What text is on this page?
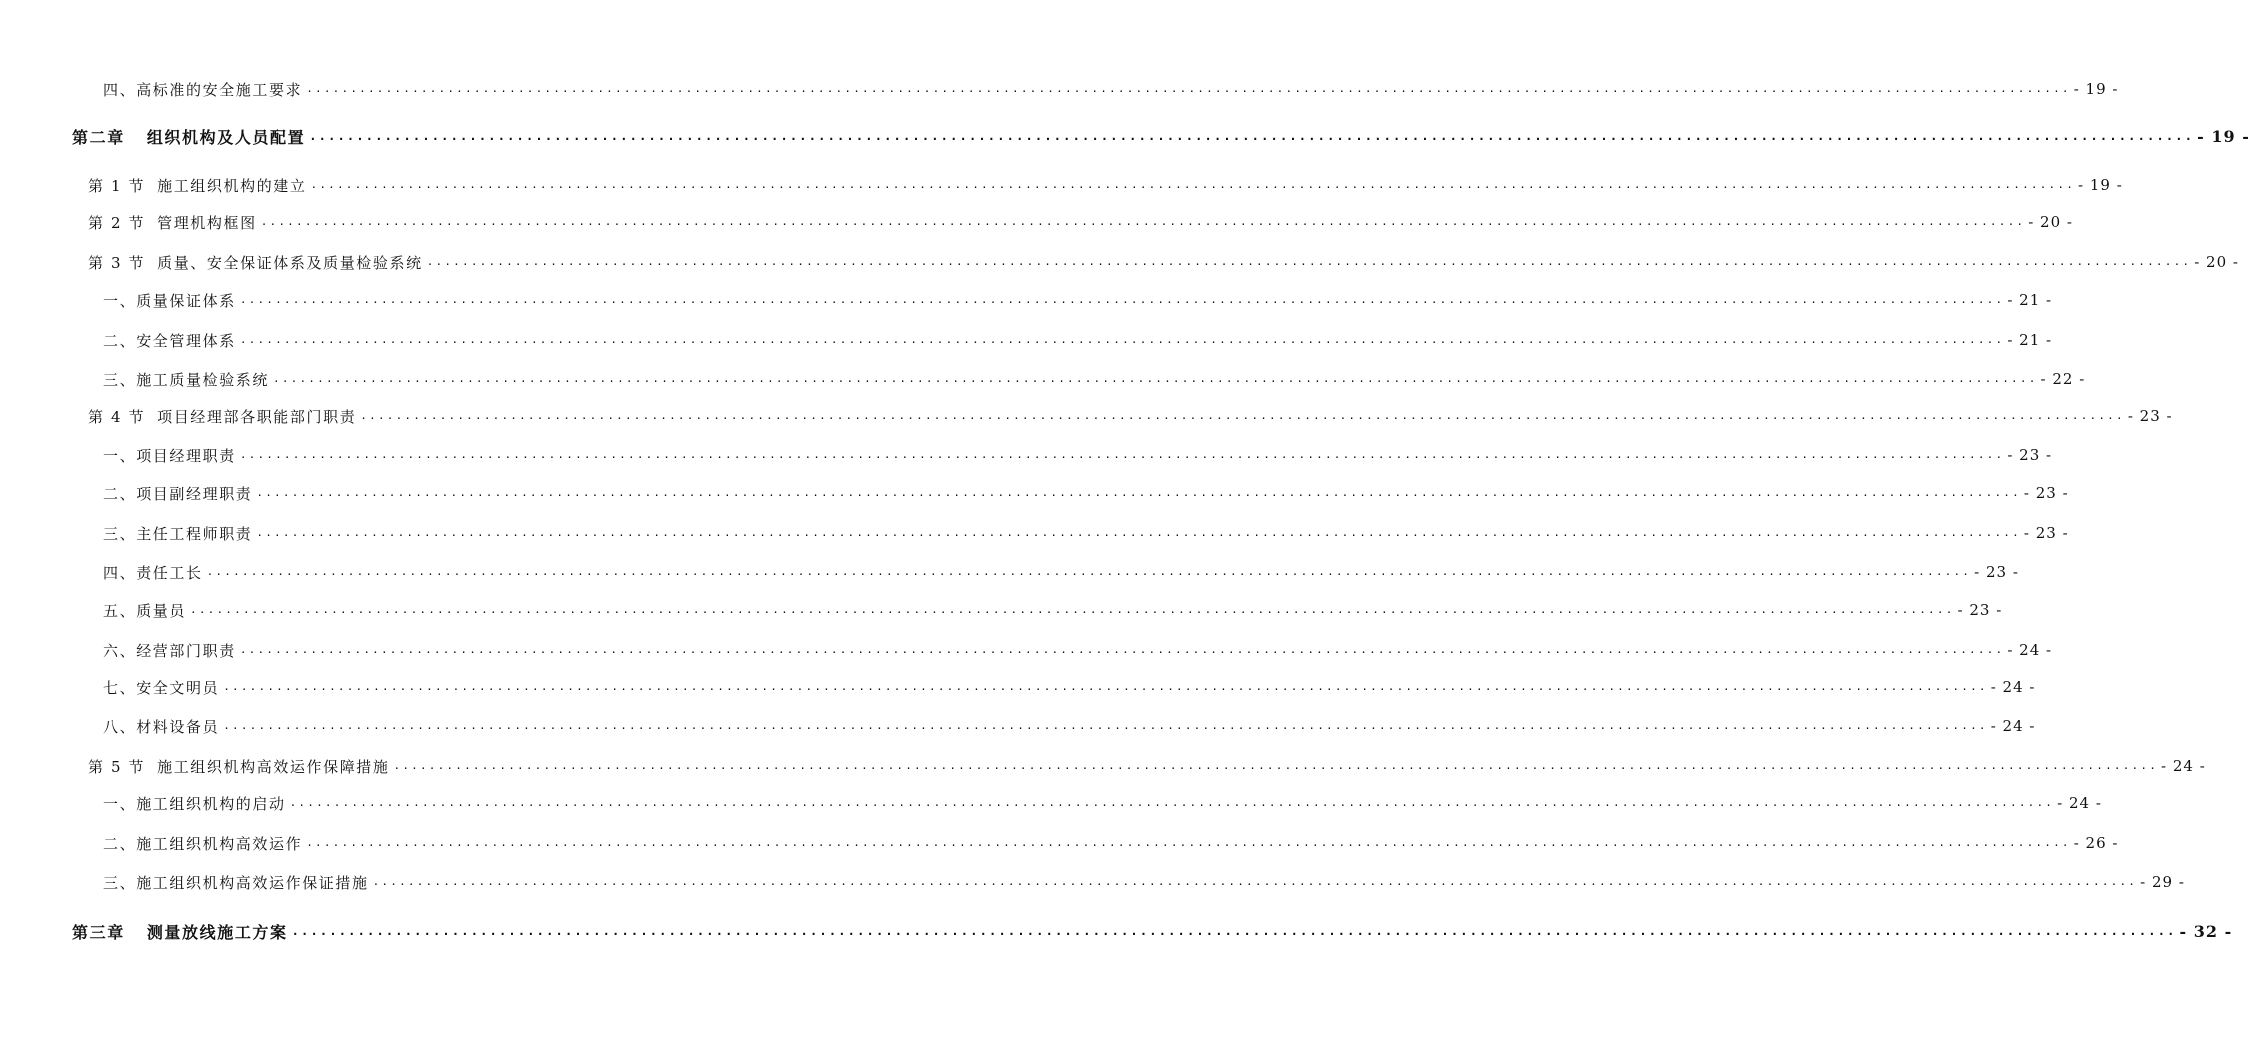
四、高标准的安全施工要求 ........................................................................................................................................................................................................ - 19 -
第二章 组织机构及人员配置 ........................................................................................................................................................................................................ - 19 -
第 1 节 施工组织机构的建立 ........................................................................................................................................................................................................ - 19 -
第 2 节 管理机构框图 ........................................................................................................................................................................................................ - 20 -
第 3 节 质量、安全保证体系及质量检验系统 ........................................................................................................................................................................................................ - 20 -
一、质量保证体系 ........................................................................................................................................................................................................ - 21 -
二、安全管理体系 ........................................................................................................................................................................................................ - 21 -
三、施工质量检验系统 ........................................................................................................................................................................................................ - 22 -
第 4 节 项目经理部各职能部门职责 ........................................................................................................................................................................................................ - 23 -
一、项目经理职责 ........................................................................................................................................................................................................ - 23 -
二、项目副经理职责 ........................................................................................................................................................................................................ - 23 -
三、主任工程师职责 ........................................................................................................................................................................................................ - 23 -
四、责任工长 ........................................................................................................................................................................................................ - 23 -
五、质量员 ........................................................................................................................................................................................................ - 23 -
六、经营部门职责 ........................................................................................................................................................................................................ - 24 -
七、安全文明员 ........................................................................................................................................................................................................ - 24 -
八、材料设备员 ........................................................................................................................................................................................................ - 24 -
第 5 节 施工组织机构高效运作保障措施 ........................................................................................................................................................................................................ - 24 -
一、施工组织机构的启动 ........................................................................................................................................................................................................ - 24 -
二、施工组织机构高效运作 ........................................................................................................................................................................................................ - 26 -
三、施工组织机构高效运作保证措施 ........................................................................................................................................................................................................ - 29 -
第三章 测量放线施工方案 ........................................................................................................................................................................................................ - 32 -
